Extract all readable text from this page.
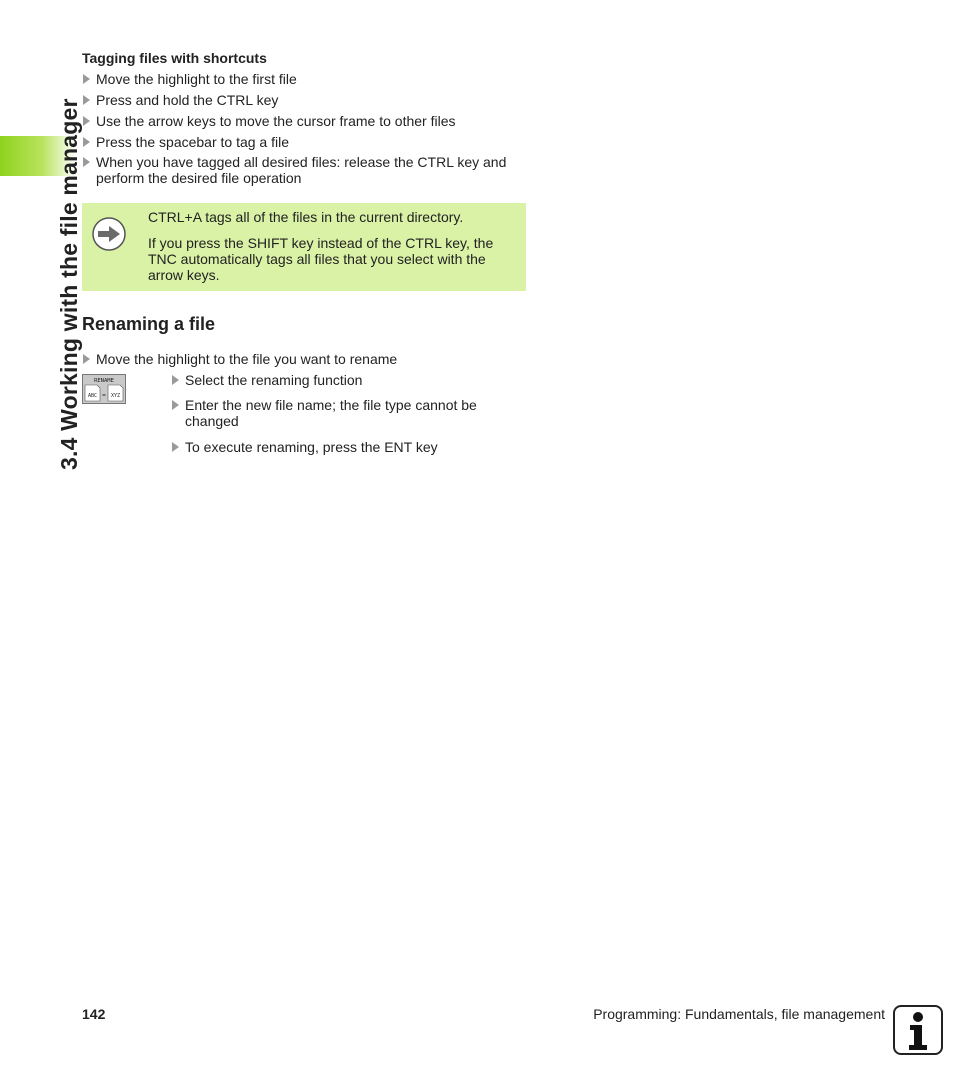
3.4 Working with the file manager
Tagging files with shortcuts
Move the highlight to the first file
Press and hold the CTRL key
Use the arrow keys to move the cursor frame to other files
Press the spacebar to tag a file
When you have tagged all desired files: release the CTRL key and perform the desired file operation
CTRL+A tags all of the files in the current directory.
If you press the SHIFT key instead of the CTRL key, the TNC automatically tags all files that you select with the arrow keys.
Renaming a file
Move the highlight to the file you want to rename
RENAME
ABC = XYZ
Select the renaming function
Enter the new file name; the file type cannot be changed
To execute renaming, press the ENT key
142	Programming: Fundamentals, file management
